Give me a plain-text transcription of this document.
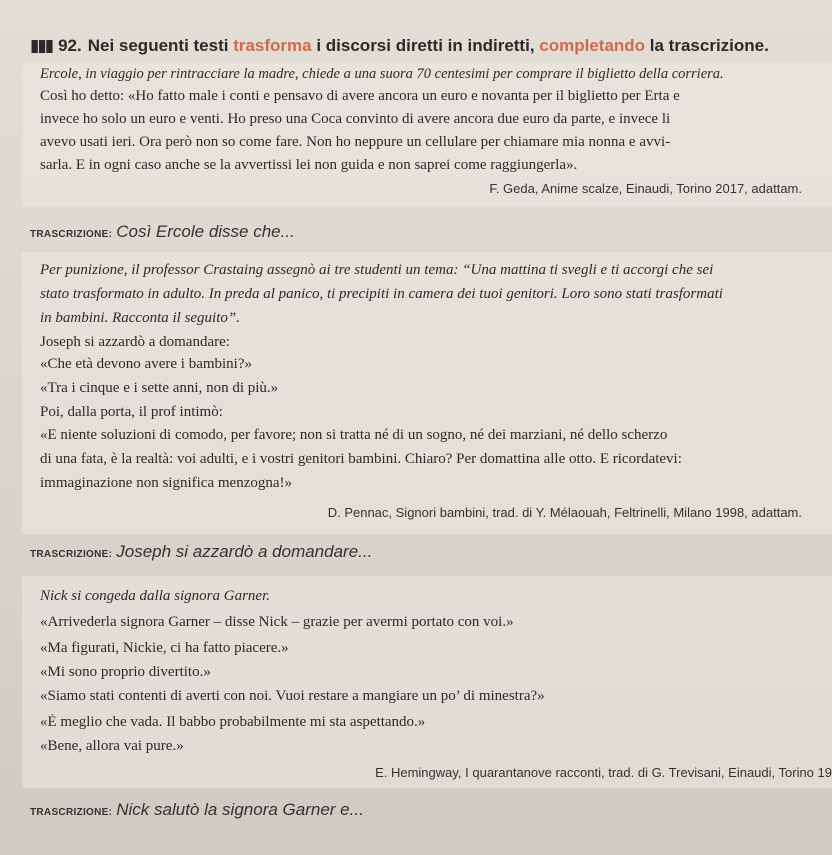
▮▮▮ 92. Nei seguenti testi trasforma i discorsi diretti in indiretti, completando la trascrizione.
Ercole, in viaggio per rintracciare la madre, chiede a una suora 70 centesimi per comprare il biglietto della corriera.
Così ho detto: «Ho fatto male i conti e pensavo di avere ancora un euro e novanta per il biglietto per Erta e
invece ho solo un euro e venti. Ho preso una Coca convinto di avere ancora due euro da parte, e invece li
avevo usati ieri. Ora però non so come fare. Non ho neppure un cellulare per chiamare mia nonna e avvi-
sarla. E in ogni caso anche se la avvertissi lei non guida e non saprei come raggiungerla».
F. Geda, Anime scalze, Einaudi, Torino 2017, adattam.
TRASCRIZIONE: Così Ercole disse che...
Per punizione, il professor Crastaing assegnò ai tre studenti un tema: “Una mattina ti svegli e ti accorgi che sei
stato trasformato in adulto. In preda al panico, ti precipiti in camera dei tuoi genitori. Loro sono stati trasformati
in bambini. Racconta il seguito”.
Joseph si azzardò a domandare:
«Che età devono avere i bambini?»
«Tra i cinque e i sette anni, non di più.»
Poi, dalla porta, il prof intimò:
«E niente soluzioni di comodo, per favore; non si tratta né di un sogno, né dei marziani, né dello scherzo
di una fata, è la realtà: voi adulti, e i vostri genitori bambini. Chiaro? Per domattina alle otto. E ricordatevi:
immaginazione non significa menzogna!»
D. Pennac, Signori bambini, trad. di Y. Mélaouah, Feltrinelli, Milano 1998, adattam.
TRASCRIZIONE: Joseph si azzardò a domandare...
Nick si congeda dalla signora Garner.
«Arrivederla signora Garner – disse Nick – grazie per avermi portato con voi.»
«Ma figurati, Nickie, ci ha fatto piacere.»
«Mi sono proprio divertito.»
«Siamo stati contenti di averti con noi. Vuoi restare a mangiare un po’ di minestra?»
«È meglio che vada. Il babbo probabilmente mi sta aspettando.»
«Bene, allora vai pure.»
E. Hemingway, I quarantanove racconti, trad. di G. Trevisani, Einaudi, Torino 19
TRASCRIZIONE: Nick salutò la signora Garner e...
